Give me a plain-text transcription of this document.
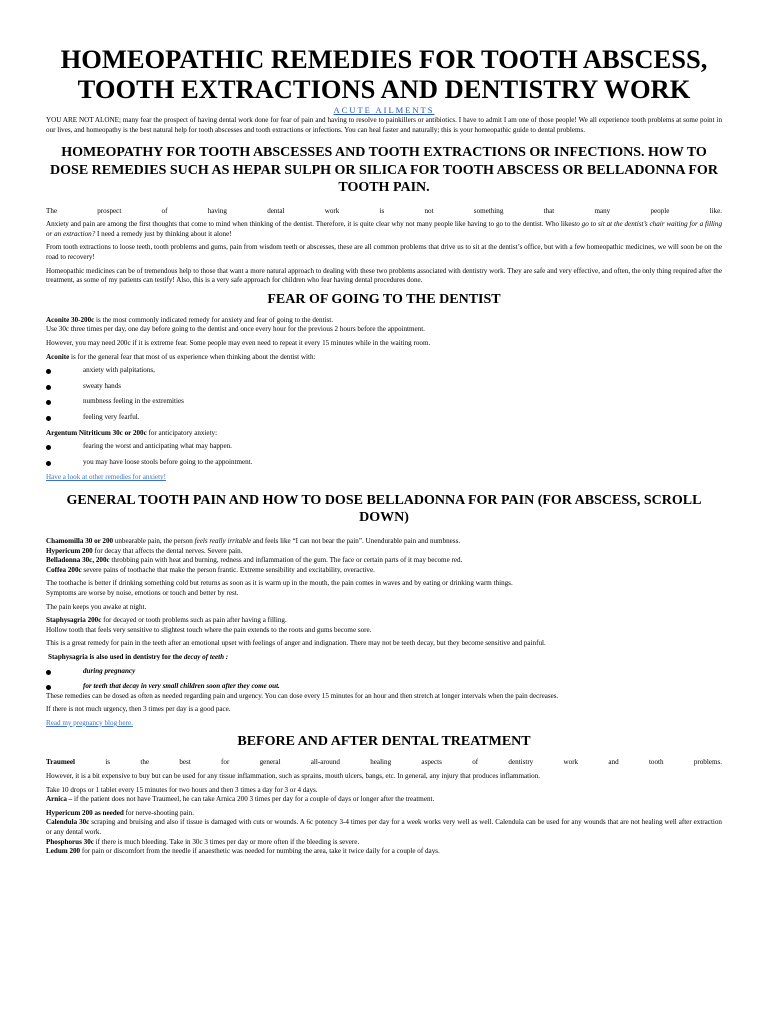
HOMEOPATHIC REMEDIES FOR TOOTH ABSCESS, TOOTH EXTRACTIONS AND DENTISTRY WORK
ACUTE AILMENTS

YOU ARE NOT ALONE; many fear the prospect of having dental work done for fear of pain and having to resolve to painkillers or antibiotics. I have to admit I am one of those people! We all experience tooth problems at some point in our lives, and homeopathy is the best natural help for tooth abscesses and tooth extractions or infections. You can heal faster and naturally; this is your homeopathic guide to dental problems.

HOMEOPATHY FOR TOOTH ABSCESSES AND TOOTH EXTRACTIONS OR INFECTIONS. HOW TO DOSE REMEDIES SUCH AS HEPAR SULPH OR SILICA FOR TOOTH ABSCESS OR BELLADONNA FOR TOOTH PAIN.

The prospect of having dental work is not something that many people like.

Anxiety and pain are among the first thoughts that come to mind when thinking of the dentist. Therefore, it is quite clear why not many people like having to go to the dentist. Who likesto go to sit at the dentist’s chair waiting for a filling or an extraction? I need a remedy just by thinking about it alone!

From tooth extractions to loose teeth, tooth problems and gums, pain from wisdom teeth or abscesses, these are all common problems that drive us to sit at the dentist’s office, but with a few homeopathic medicines, we will soon be on the road to recovery!

Homeopathic medicines can be of tremendous help to those that want a more natural approach to dealing with these two problems associated with dentistry work. They are safe and very effective, and often, the only thing required after the treatment, as some of my patients can testify! Also, this is a very safe approach for children who fear having dental procedures done.

FEAR OF GOING TO THE DENTIST

Aconite 30-200c is the most commonly indicated remedy for anxiety and fear of going to the dentist.

Use 30c three times per day, one day before going to the dentist and once every hour for the previous 2 hours before the appointment.

However, you may need 200c if it is extreme fear. Some people may even need to repeat it every 15 minutes while in the waiting room.

Aconite is for the general fear that most of us experience when thinking about the dentist with:

anxiety with palpitations,
sweaty hands
numbness feeling in the extremities
feeling very fearful.

Argentum Nitriticum 30c or 200c for anticipatory anxiety:

fearing the worst and anticipating what may happen.
you may have loose stools before going to the appointment.

Have a look at other remedies for anxiety!

GENERAL TOOTH PAIN AND HOW TO DOSE BELLADONNA FOR PAIN (FOR ABSCESS, SCROLL DOWN)

Chamomilla 30 or 200 unbearable pain, the person feels really irritable and feels like “I can not bear the pain”. Unendurable pain and numbness.

Hypericum 200 for decay that affects the dental nerves. Severe pain.

Belladonna 30c, 200c throbbing pain with heat and burning, redness and inflammation of the gum. The face or certain parts of it may become red.

Coffea 200c severe pains of toothache that make the person frantic. Extreme sensibility and excitability, overactive.

The toothache is better if drinking something cold but returns as soon as it is warm up in the mouth, the pain comes in waves and by eating or drinking warm things.

Symptoms are worse by noise, emotions or touch and better by rest.

The pain keeps you awake at night.

Staphysagria 200c for decayed or tooth problems such as pain after having a filling.

Hollow tooth that feels very sensitive to slightest touch where the pain extends to the roots and gums become sore.

This is a great remedy for pain in the teeth after an emotional upset with feelings of anger and indignation. There may not be teeth decay, but they become sensitive and painful.

Staphysagria is also used in dentistry for the decay of teeth :

during pregnancy
for teeth that decay in very small children soon after they come out.

These remedies can be dosed as often as needed regarding pain and urgency. You can dose every 15 minutes for an hour and then stretch at longer intervals when the pain decreases.

If there is not much urgency, then 3 times per day is a good pace.

Read my pregnancy blog here.

BEFORE AND AFTER DENTAL TREATMENT

Traumeel is the best for general all-around healing aspects of dentistry work and tooth problems.

However, it is a bit expensive to buy but can be used for any tissue inflammation, such as sprains, mouth ulcers, bangs, etc. In general, any injury that produces inflammation.

Take 10 drops or 1 tablet every 15 minutes for two hours and then 3 times a day for 3 or 4 days.

Arnica – if the patient does not have Traumeel, he can take Arnica 200 3 times per day for a couple of days or longer after the treatment.

Hypericum 200 as needed for nerve-shooting pain.

Calendula 30c scraping and bruising and also if tissue is damaged with cuts or wounds. A 6c potency 3-4 times per day for a week works very well as well. Calendula can be used for any wounds that are not healing well after extraction or any dental work.

Phosphorus 30c if there is much bleeding. Take in 30c 3 times per day or more often if the bleeding is severe.

Ledum 200 for pain or discomfort from the needle if anaesthetic was needed for numbing the area, take it twice daily for a couple of days.
